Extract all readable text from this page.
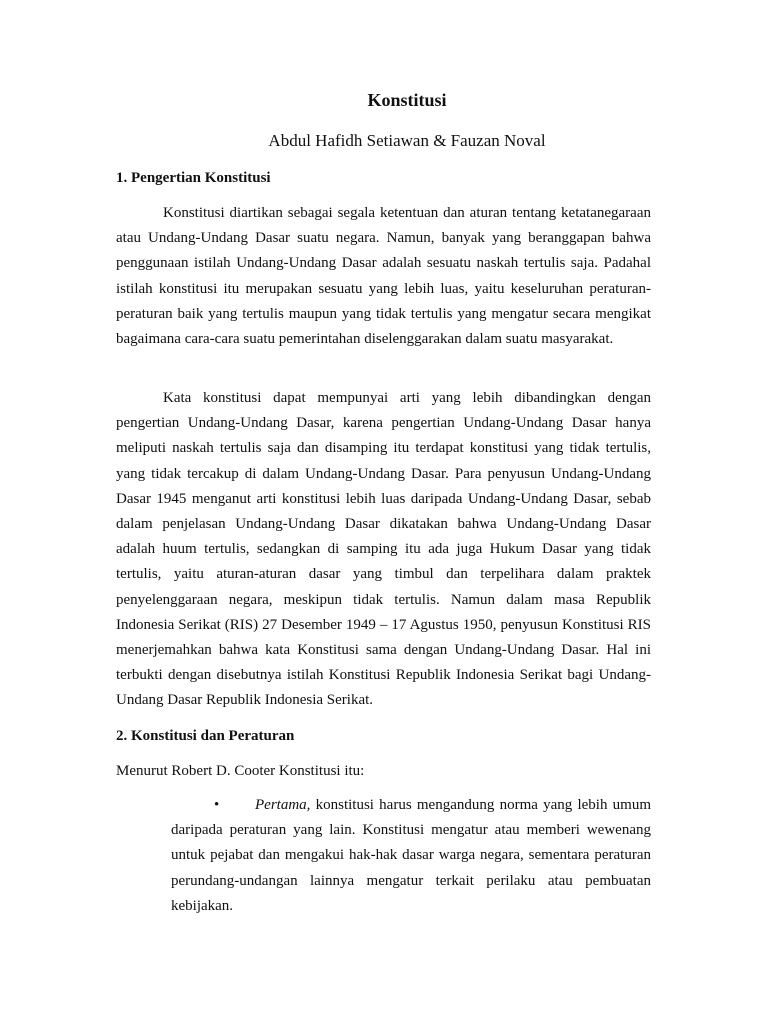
Konstitusi
Abdul Hafidh Setiawan & Fauzan Noval
1. Pengertian Konstitusi

Konstitusi diartikan sebagai segala ketentuan dan aturan tentang ketatanegaraan atau Undang-Undang Dasar suatu negara. Namun, banyak yang beranggapan bahwa penggunaan istilah Undang-Undang Dasar adalah sesuatu naskah tertulis saja. Padahal istilah konstitusi itu merupakan sesuatu yang lebih luas, yaitu keseluruhan peraturan-peraturan baik yang tertulis maupun yang tidak tertulis yang mengatur secara mengikat bagaimana cara-cara suatu pemerintahan diselenggarakan dalam suatu masyarakat.

Kata konstitusi dapat mempunyai arti yang lebih dibandingkan dengan pengertian Undang-Undang Dasar, karena pengertian Undang-Undang Dasar hanya meliputi naskah tertulis saja dan disamping itu terdapat konstitusi yang tidak tertulis, yang tidak tercakup di dalam Undang-Undang Dasar. Para penyusun Undang-Undang Dasar 1945 menganut arti konstitusi lebih luas daripada Undang-Undang Dasar, sebab dalam penjelasan Undang-Undang Dasar dikatakan bahwa Undang-Undang Dasar adalah huum tertulis, sedangkan di samping itu ada juga Hukum Dasar yang tidak tertulis, yaitu aturan-aturan dasar yang timbul dan terpelihara dalam praktek penyelenggaraan negara, meskipun tidak tertulis. Namun dalam masa Republik Indonesia Serikat (RIS) 27 Desember 1949 – 17 Agustus 1950, penyusun Konstitusi RIS menerjemahkan bahwa kata Konstitusi sama dengan Undang-Undang Dasar. Hal ini terbukti dengan disebutnya istilah Konstitusi Republik Indonesia Serikat bagi Undang-Undang Dasar Republik Indonesia Serikat.

2. Konstitusi dan Peraturan
Menurut Robert D. Cooter Konstitusi itu:
•	Pertama, konstitusi harus mengandung norma yang lebih umum daripada peraturan yang lain. Konstitusi mengatur atau memberi wewenang untuk pejabat dan mengakui hak-hak dasar warga negara, sementara peraturan perundang-undangan lainnya mengatur terkait perilaku atau pembuatan kebijakan.
